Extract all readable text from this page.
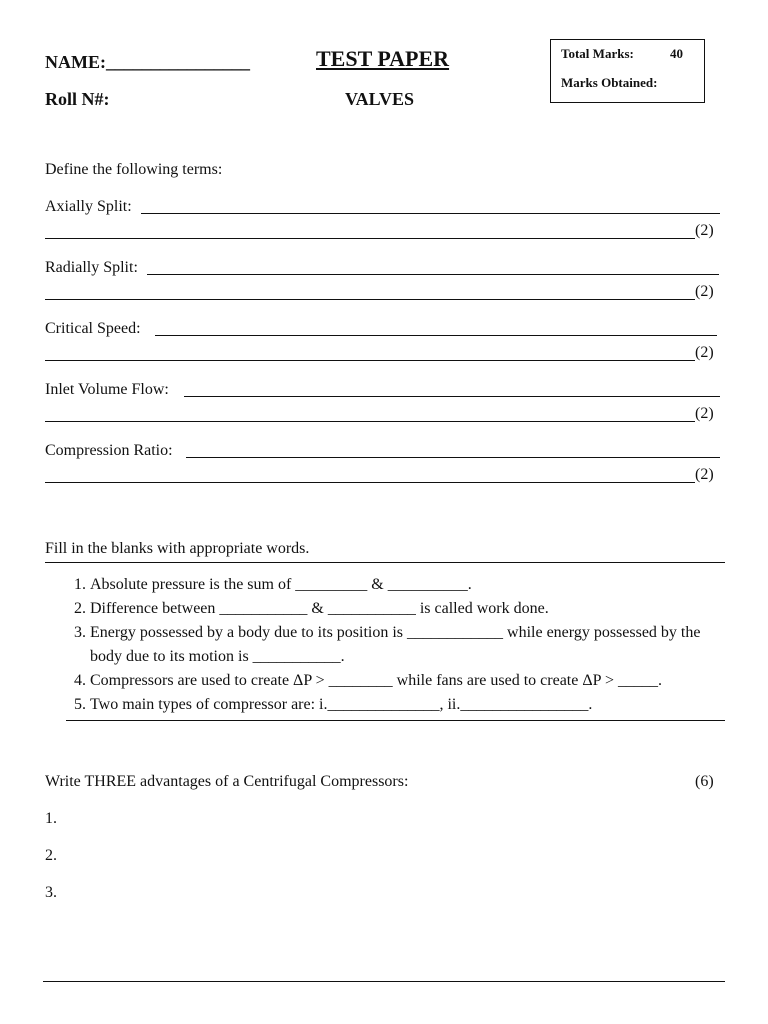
NAME:________________
Roll N#:
TEST PAPER
VALVES
Total Marks:	40
Marks Obtained:
Define the following terms:
Axially Split:
(2)
Radially Split:
(2)
Critical Speed:
(2)
Inlet Volume Flow:
(2)
Compression Ratio:
(2)
Fill in the blanks with appropriate words.
1. Absolute pressure is the sum of _________ & __________.
2. Difference between ___________ & ___________ is called work done.
3. Energy possessed by a body due to its position is ____________ while energy possessed by the body due to its motion is ___________.
4. Compressors are used to create ΔP > ________ while fans are used to create ΔP > _____.
5. Two main types of compressor are: i.______________, ii.________________.
Write THREE advantages of a Centrifugal Compressors:	(6)
1.
2.
3.
